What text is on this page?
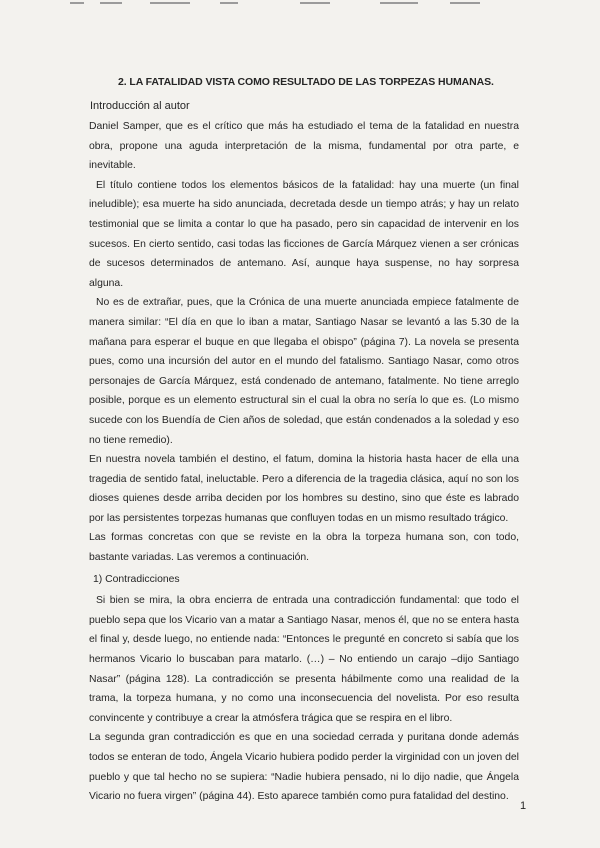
2. LA FATALIDAD VISTA COMO RESULTADO DE LAS TORPEZAS HUMANAS.
Introducción al autor

Daniel Samper, que es el crítico que más ha estudiado el tema de la fatalidad en nuestra obra, propone una aguda interpretación de la misma, fundamental por otra parte, e inevitable.

El título contiene todos los elementos básicos de la fatalidad: hay una muerte (un final ineludible); esa muerte ha sido anunciada, decretada desde un tiempo atrás; y hay un relato testimonial que se limita a contar lo que ha pasado, pero sin capacidad de intervenir en los sucesos. En cierto sentido, casi todas las ficciones de García Márquez vienen a ser crónicas de sucesos determinados de antemano. Así, aunque haya suspense, no hay sorpresa alguna.

No es de extrañar, pues, que la Crónica de una muerte anunciada empiece fatalmente de manera similar: “El día en que lo iban a matar, Santiago Nasar se levantó a las 5.30 de la mañana para esperar el buque en que llegaba el obispo” (página 7). La novela se presenta pues, como una incursión del autor en el mundo del fatalismo. Santiago Nasar, como otros personajes de García Márquez, está condenado de antemano, fatalmente. No tiene arreglo posible, porque es un elemento estructural sin el cual la obra no sería lo que es. (Lo mismo sucede con los Buendía de Cien años de soledad, que están condenados a la soledad y eso no tiene remedio).

En nuestra novela también el destino, el fatum, domina la historia hasta hacer de ella una tragedia de sentido fatal, ineluctable. Pero a diferencia de la tragedia clásica, aquí no son los dioses quienes desde arriba deciden por los hombres su destino, sino que éste es labrado por las persistentes torpezas humanas que confluyen todas en un mismo resultado trágico.

Las formas concretas con que se reviste en la obra la torpeza humana son, con todo, bastante variadas. Las veremos a continuación.

1) Contradicciones

Si bien se mira, la obra encierra de entrada una contradicción fundamental: que todo el pueblo sepa que los Vicario van a matar a Santiago Nasar, menos él, que no se entera hasta el final y, desde luego, no entiende nada: “Entonces le pregunté en concreto si sabía que los hermanos Vicario lo buscaban para matarlo. (…) – No entiendo un carajo –dijo Santiago Nasar” (página 128). La contradicción se presenta hábilmente como una realidad de la trama, la torpeza humana, y no como una inconsecuencia del novelista. Por eso resulta convincente y contribuye a crear la atmósfera trágica que se respira en el libro.

La segunda gran contradicción es que en una sociedad cerrada y puritana donde además todos se enteran de todo, Ángela Vicario hubiera podido perder la virginidad con un joven del pueblo y que tal hecho no se supiera: “Nadie hubiera pensado, ni lo dijo nadie, que Ángela Vicario no fuera virgen” (página 44). Esto aparece también como pura fatalidad del destino.

1
